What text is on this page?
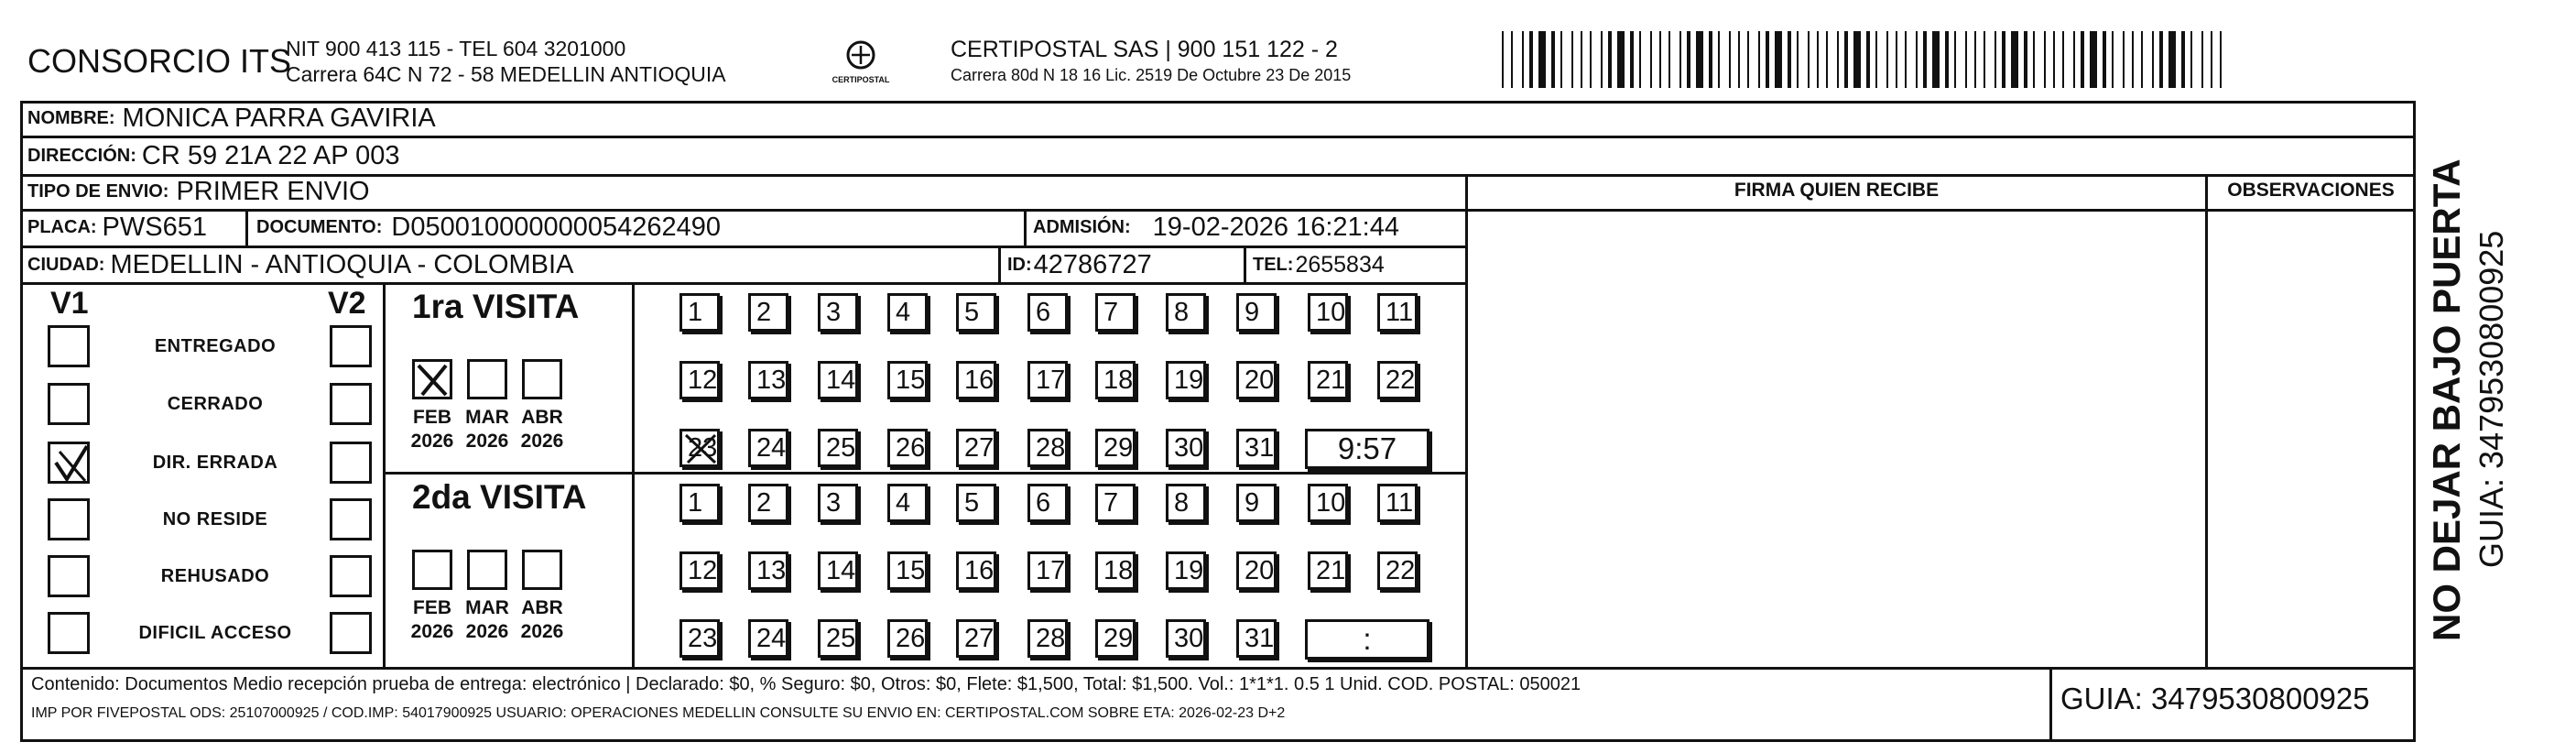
CONSORCIO ITS
NIT 900 413 115 - TEL 604 3201000
Carrera 64C N 72 - 58 MEDELLIN ANTIOQUIA	CERTIPOSTAL
CERTIPOSTAL SAS | 900 151 122 - 2
Carrera 80d N 18 16 Lic. 2519 De Octubre 23 De 2015
NOMBRE: MONICA PARRA GAVIRIA
DIRECCIÓN: CR 59 21A 22 AP 003
TIPO DE ENVIO: PRIMER ENVIO	FIRMA QUIEN RECIBE	OBSERVACIONES
PLACA: PWS651	DOCUMENTO: D050010000000054262490	ADMISIÓN: 19-02-2026 16:21:44
CIUDAD: MEDELLIN - ANTIOQUIA - COLOMBIA	ID: 42786727	TEL: 2655834
V1	V2
ENTREGADO
CERRADO
DIR. ERRADA
NO RESIDE
REHUSADO
DIFICIL ACCESO
1ra VISITA
2da VISITA
1	2	3	4	5	6	7	8	9	10	11
12	13	14	15	16	17	18	19	20	21	22
23	24	25	26	27	28	29	30	31	9:57
FEB
2026
MAR
2026
ABR
2026
1	2	3	4	5	6	7	8	9	10	11
12	13	14	15	16	17	18	19	20	21	22
23	24	25	26	27	28	29	30	31	:
FEB
2026
MAR
2026
ABR
2026
Contenido: Documentos Medio recepción prueba de entrega: electrónico | Declarado: $0, % Seguro: $0, Otros: $0, Flete: $1,500, Total: $1,500. Vol.: 1*1*1. 0.5 1 Unid. COD. POSTAL: 050021
IMP POR FIVEPOSTAL ODS: 25107000925 / COD.IMP: 54017900925 USUARIO: OPERACIONES MEDELLIN CONSULTE SU ENVIO EN: CERTIPOSTAL.COM SOBRE ETA: 2026-02-23 D+2	GUIA: 3479530800925
NO DEJAR BAJO PUERTA GUIA: 3479530800925
